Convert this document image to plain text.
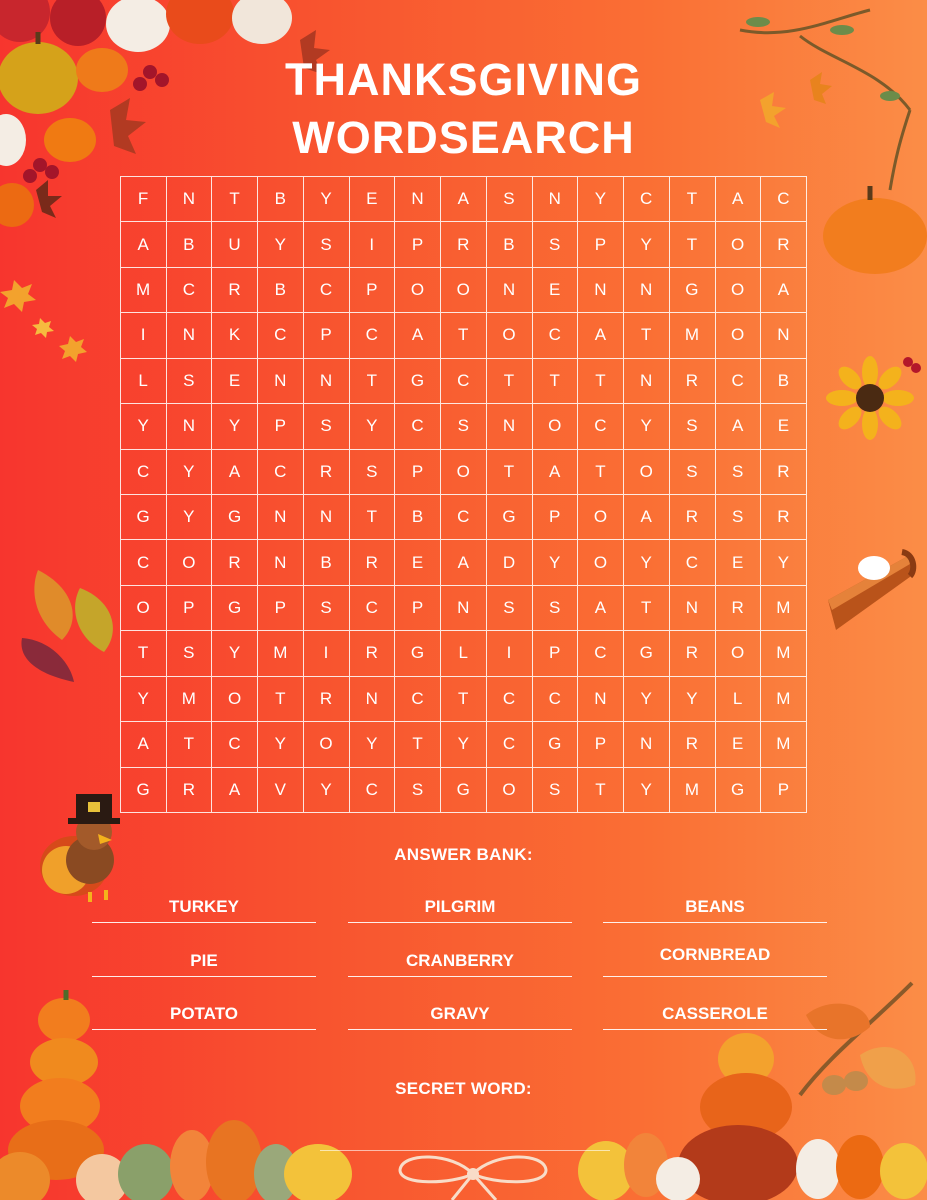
THANKSGIVING
WORDSEARCH
F	N	T	B	Y	E	N	A	S	N	Y	C	T	A	C
A	B	U	Y	S	I	P	R	B	S	P	Y	T	O	R
M	C	R	B	C	P	O	O	N	E	N	N	G	O	A
I	N	K	C	P	C	A	T	O	C	A	T	M	O	N
L	S	E	N	N	T	G	C	T	T	T	N	R	C	B
Y	N	Y	P	S	Y	C	S	N	O	C	Y	S	A	E
C	Y	A	C	R	S	P	O	T	A	T	O	S	S	R
G	Y	G	N	N	T	B	C	G	P	O	A	R	S	R
C	O	R	N	B	R	E	A	D	Y	O	Y	C	E	Y
O	P	G	P	S	C	P	N	S	S	A	T	N	R	M
T	S	Y	M	I	R	G	L	I	P	C	G	R	O	M
Y	M	O	T	R	N	C	T	C	C	N	Y	Y	L	M
A	T	C	Y	O	Y	T	Y	C	G	P	N	R	E	M
G	R	A	V	Y	C	S	G	O	S	T	Y	M	G	P
ANSWER BANK:
TURKEY	PILGRIM	BEANS
PIE	CRANBERRY	CORNBREAD
POTATO	GRAVY	CASSEROLE
SECRET WORD:
